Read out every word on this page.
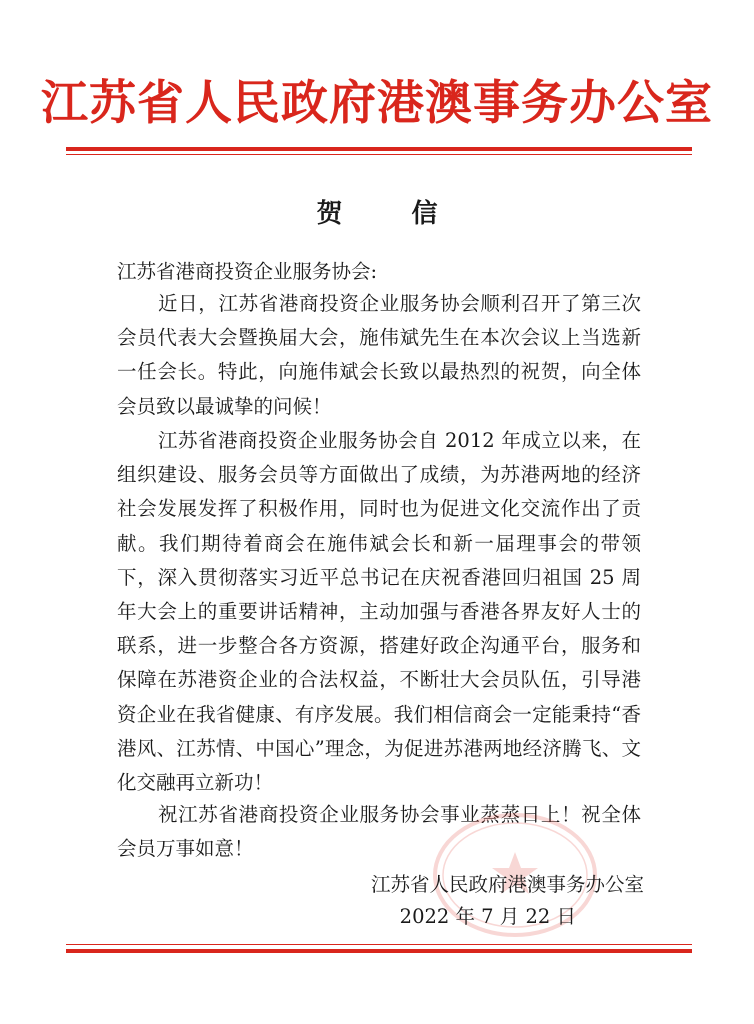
江苏省人民政府港澳事务办公室
贺 信
江苏省港商投资企业服务协会:
近日，江苏省港商投资企业服务协会顺利召开了第三次会员代表大会暨换届大会，施伟斌先生在本次会议上当选新一任会长。特此，向施伟斌会长致以最热烈的祝贺，向全体会员致以最诚挚的问候！
江苏省港商投资企业服务协会自 2012 年成立以来，在组织建设、服务会员等方面做出了成绩，为苏港两地的经济社会发展发挥了积极作用，同时也为促进文化交流作出了贡献。我们期待着商会在施伟斌会长和新一届理事会的带领下，深入贯彻落实习近平总书记在庆祝香港回归祖国 25 周年大会上的重要讲话精神，主动加强与香港各界友好人士的联系，进一步整合各方资源，搭建好政企沟通平台，服务和保障在苏港资企业的合法权益，不断壮大会员队伍，引导港资企业在我省健康、有序发展。我们相信商会一定能秉持“香港风、江苏情、中国心”理念，为促进苏港两地经济腾飞、文化交融再立新功！
祝江苏省港商投资企业服务协会事业蒸蒸日上！祝全体会员万事如意！
江苏省人民政府港澳事务办公室
2022 年 7 月 22 日
